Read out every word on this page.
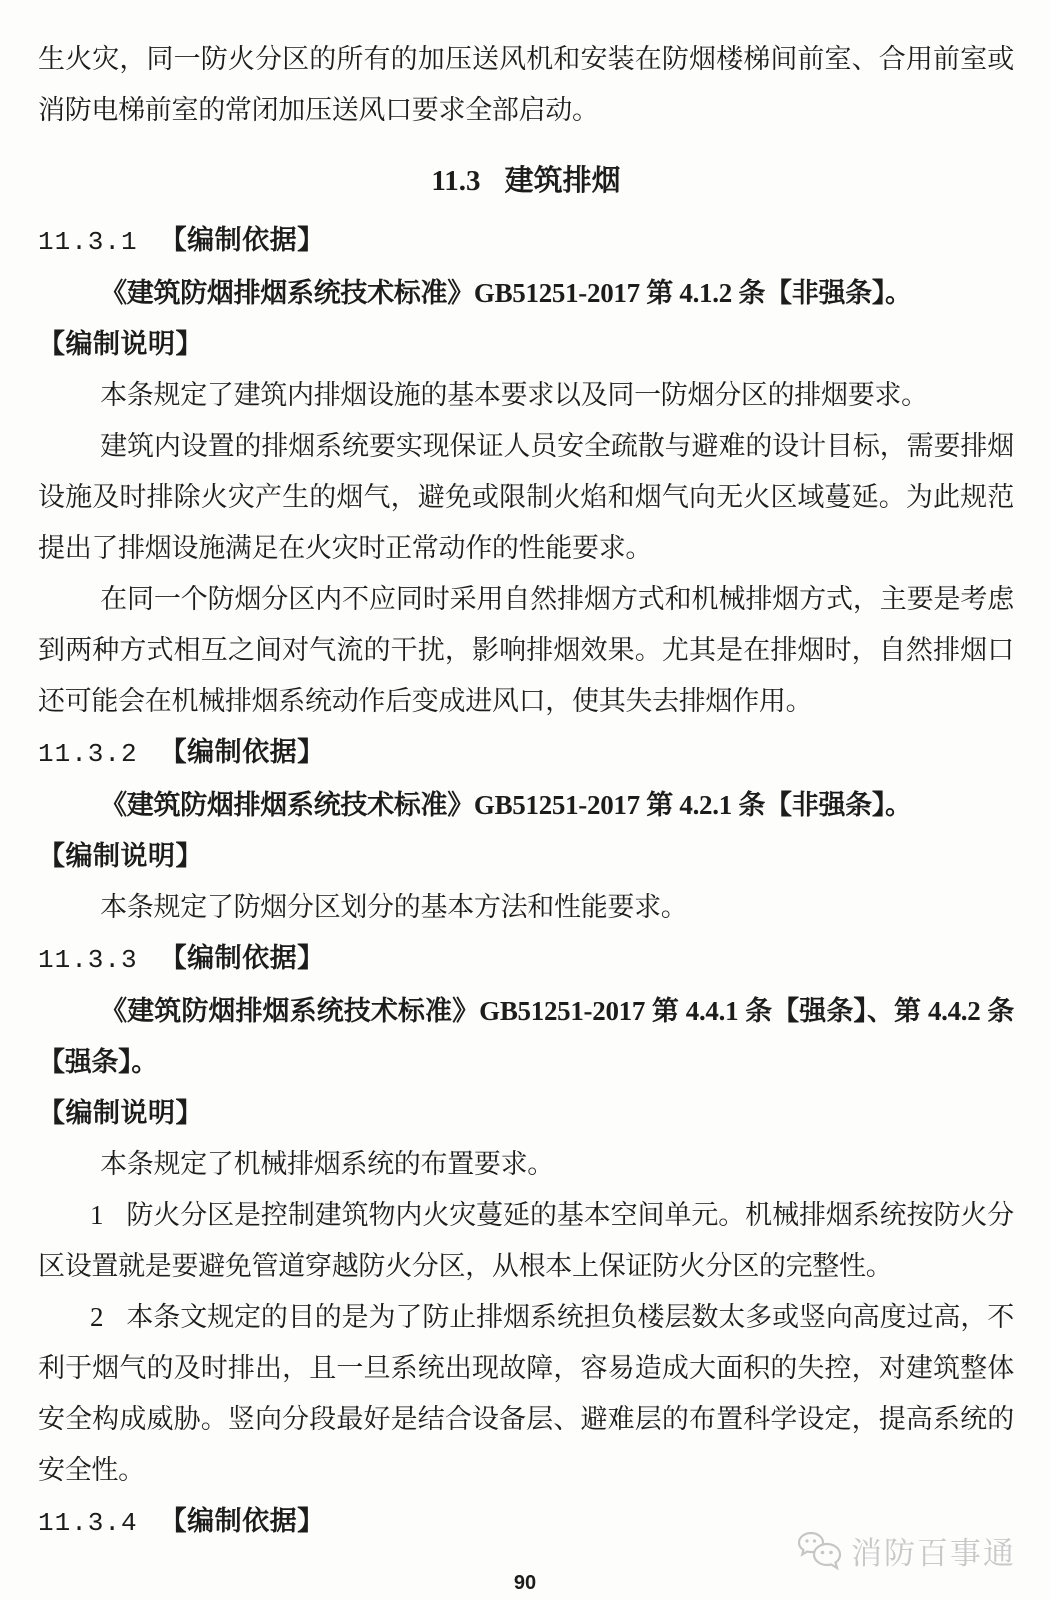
生火灾，同一防火分区的所有的加压送风机和安装在防烟楼梯间前室、合用前室或消防电梯前室的常闭加压送风口要求全部启动。

11.3 建筑排烟

11.3.1 【编制依据】

《建筑防烟排烟系统技术标准》GB51251-2017 第 4.1.2 条【非强条】。

【编制说明】

本条规定了建筑内排烟设施的基本要求以及同一防烟分区的排烟要求。

建筑内设置的排烟系统要实现保证人员安全疏散与避难的设计目标，需要排烟设施及时排除火灾产生的烟气，避免或限制火焰和烟气向无火区域蔓延。为此规范提出了排烟设施满足在火灾时正常动作的性能要求。

在同一个防烟分区内不应同时采用自然排烟方式和机械排烟方式，主要是考虑到两种方式相互之间对气流的干扰，影响排烟效果。尤其是在排烟时，自然排烟口还可能会在机械排烟系统动作后变成进风口，使其失去排烟作用。

11.3.2 【编制依据】

《建筑防烟排烟系统技术标准》GB51251-2017 第 4.2.1 条【非强条】。

【编制说明】

本条规定了防烟分区划分的基本方法和性能要求。

11.3.3 【编制依据】

《建筑防烟排烟系统技术标准》GB51251-2017 第 4.4.1 条【强条】、第 4.4.2 条【强条】。

【编制说明】

本条规定了机械排烟系统的布置要求。

1 防火分区是控制建筑物内火灾蔓延的基本空间单元。机械排烟系统按防火分区设置就是要避免管道穿越防火分区，从根本上保证防火分区的完整性。

2 本条文规定的目的是为了防止排烟系统担负楼层数太多或竖向高度过高，不利于烟气的及时排出，且一旦系统出现故障，容易造成大面积的失控，对建筑整体安全构成威胁。竖向分段最好是结合设备层、避难层的布置科学设定，提高系统的安全性。

11.3.4 【编制依据】

消防百事通
90
